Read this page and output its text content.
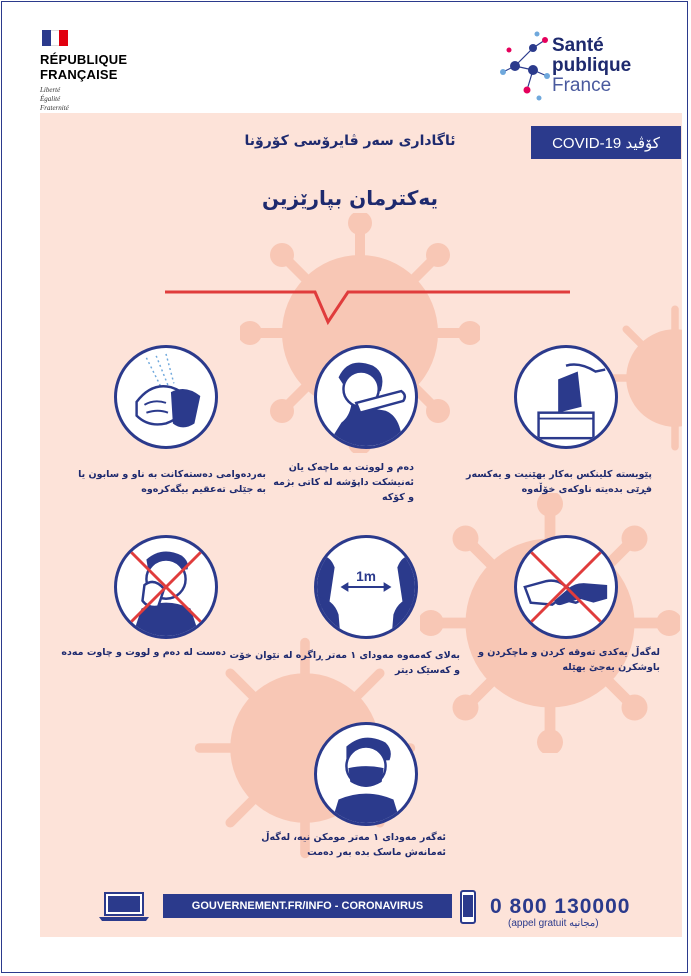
RÉPUBLIQUE
FRANÇAISE
Liberté
Égalité
Fraternité
Santé
publique
France
کۆڤید COVID-19
ئاگاداری سەر ڤایرۆسی کۆرۆنا
یەکترمان بپارێزین
1m
بەردەوامی دەستەکانت بە ناو و سابون یا بە جێلی تەعقیم بیگەکرەوە
دەم و لووتت بە ماچەک یان ئەنیشکت داپۆشە لە کاتی بژمە و کۆکە
پێویستە کلینکس بەکار بهێنیت و یەکسەر فڕێی بدەیتە ناوکەی خۆڵەوە
دەست لە دەم و لووت و چاوت مەدە بەلای کەمەوە مەودای ١ مەتر ڕاگرە لە نێوان خۆت و کەسێک دیتر
لەگەڵ یەکدی تەوقە کردن و ماچکردن و باوشکرن بەجێ بهێلە
ئەگەر مەودای ١ مەتر مومکن نیە، لەگەڵ ئەمانەش ماسک بدە بەر دەمت
GOUVERNEMENT.FR/INFO - CORONAVIRUS	0 800 130000
(appel gratuit مجانیە)
